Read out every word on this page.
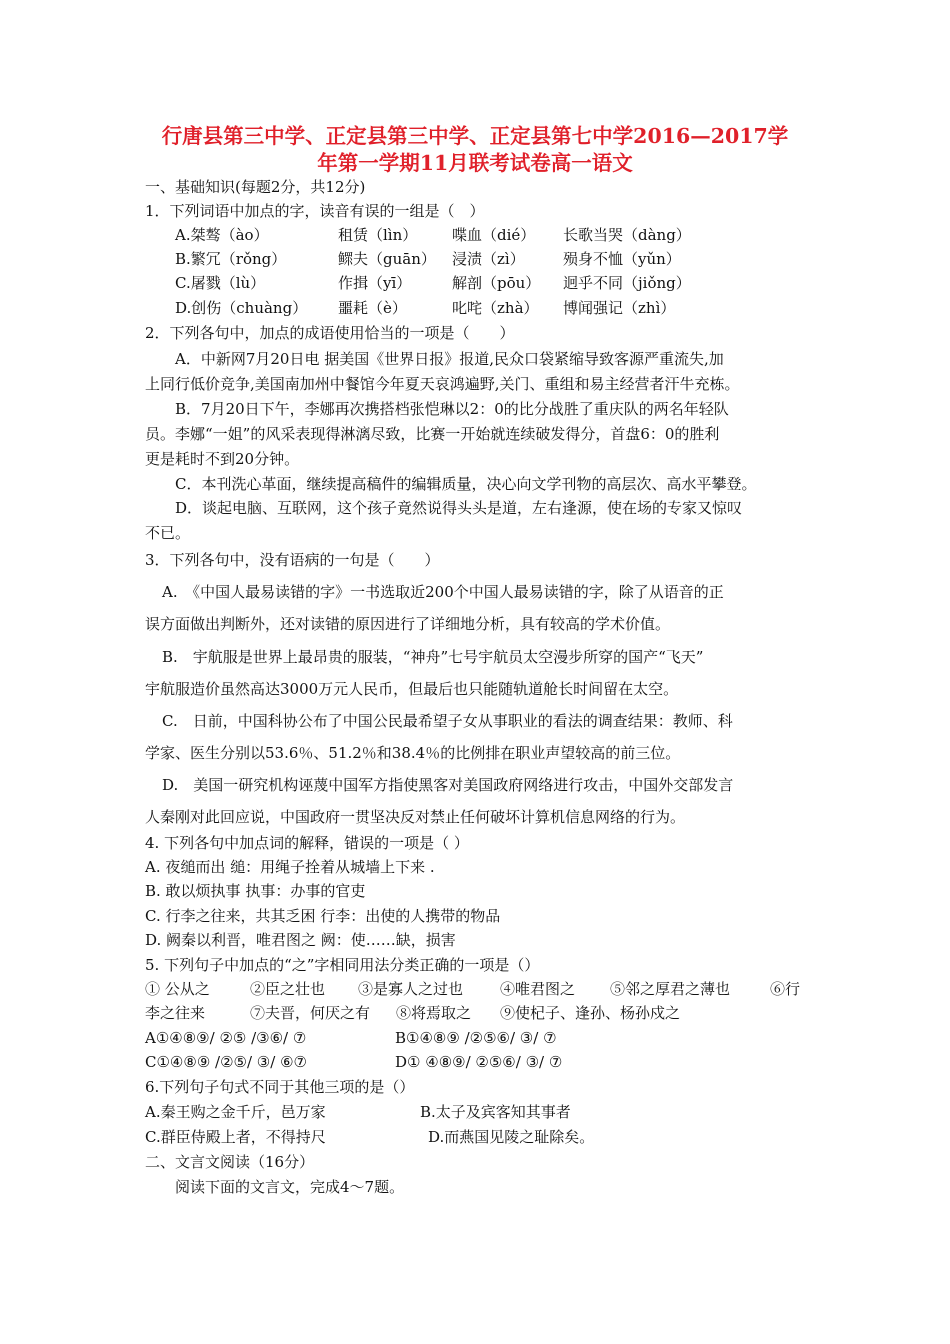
行唐县第三中学、正定县第三中学、正定县第七中学2016—2017学
年第一学期11月联考试卷高一语文
一、基础知识(每题2分，共12分)
1．下列词语中加点的字，读音有误的一组是（　）
A.桀骜（ào）	租赁（lìn） 喋血（dié） 长歌当哭（dàng）
B.繁冗（rǒng）	鳏夫（guān） 浸渍（zì）	殒身不恤（yǔn）
C.屠戮（lù）	作揖（yī）	解剖（pōu） 迥乎不同（jiǒng）
D.创伤（chuàng） 噩耗（è）	叱咤（zhà） 博闻强记（zhì）
2．下列各句中，加点的成语使用恰当的一项是（　　）
A．中新网7月20日电 据美国《世界日报》报道,民众口袋紧缩导致客源严重流失,加
上同行低价竞争,美国南加州中餐馆今年夏天哀鸿遍野,关门、重组和易主经营者汗牛充栋。
B．7月20日下午，李娜再次携搭档张恺琳以2：0的比分战胜了重庆队的两名年轻队
员。李娜“一姐”的风采表现得淋漓尽致，比赛一开始就连续破发得分，首盘6：0的胜利
更是耗时不到20分钟。
C．本刊洗心革面，继续提高稿件的编辑质量，决心向文学刊物的高层次、高水平攀登。
D．谈起电脑、互联网，这个孩子竟然说得头头是道，左右逢源，使在场的专家又惊叹
不已。
3．下列各句中，没有语病的一句是（　　）
A.　《中国人最易读错的字》一书选取近200个中国人最易读错的字，除了从语音的正
误方面做出判断外，还对读错的原因进行了详细地分析，具有较高的学术价值。
B.　宇航服是世界上最昂贵的服装，“神舟”七号宇航员太空漫步所穿的国产“飞天”
宇航服造价虽然高达3000万元人民币，但最后也只能随轨道舱长时间留在太空。
C.　日前，中国科协公布了中国公民最希望子女从事职业的看法的调查结果：教师、科
学家、医生分别以53.6％、51.2％和38.4％的比例排在职业声望较高的前三位。
D.　美国一研究机构诬蔑中国军方指使黑客对美国政府网络进行攻击，中国外交部发言
人秦刚对此回应说，中国政府一贯坚决反对禁止任何破坏计算机信息网络的行为。
4. 下列各句中加点词的解释，错误的一项是（ ）
A. 夜缒而出 缒：用绳子拴着从城墙上下来 .
B. 敢以烦执事 执事：办事的官吏
C. 行李之往来，共其乏困 行李：出使的人携带的物品
D. 阙秦以利晋，唯君图之 阙：使……缺，损害
5. 下列句子中加点的“之”字相同用法分类正确的一项是（）
① 公从之	②臣之壮也 ③是寡人之过也 ④唯君图之 ⑤邻之厚君之薄也	⑥行
李之往来	⑦夫晋，何厌之有 ⑧将焉取之 ⑨使杞子、逢孙、杨孙戍之
A①④⑧⑨/ ②⑤ /③⑥/ ⑦	B①④⑧⑨ /②⑤⑥/ ③/ ⑦
C①④⑧⑨ /②⑤/ ③/ ⑥⑦	D① ④⑧⑨/ ②⑤⑥/ ③/ ⑦
6.下列句子句式不同于其他三项的是（）
A.秦王购之金千斤，邑万家	B.太子及宾客知其事者
C.群臣侍殿上者，不得持尺	D.而燕国见陵之耻除矣。
二、文言文阅读（16分）
阅读下面的文言文，完成4～7题。
